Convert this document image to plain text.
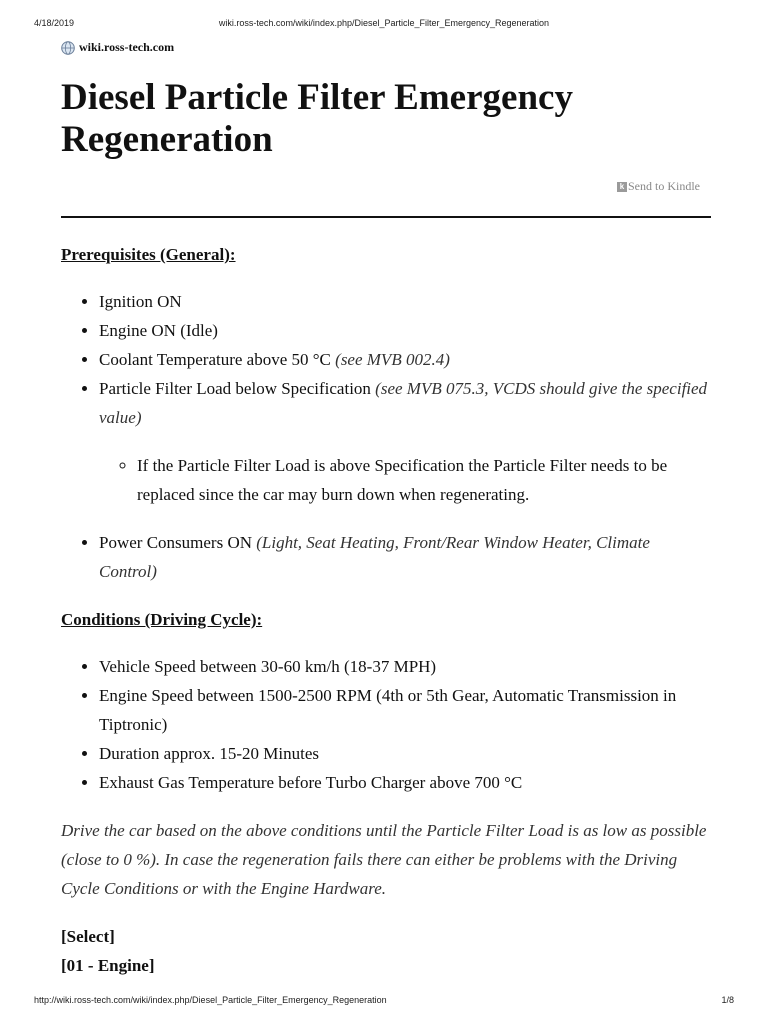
4/18/2019	wiki.ross-tech.com/wiki/index.php/Diesel_Particle_Filter_Emergency_Regeneration
wiki.ross-tech.com
Diesel Particle Filter Emergency Regeneration
k Send to Kindle

Prerequisites (General):

• Ignition ON
• Engine ON (Idle)
• Coolant Temperature above 50 °C (see MVB 002.4)
• Particle Filter Load below Specification (see MVB 075.3, VCDS should give the specified value)
◦ If the Particle Filter Load is above Specification the Particle Filter needs to be replaced since the car may burn down when regenerating.
• Power Consumers ON (Light, Seat Heating, Front/Rear Window Heater, Climate Control)

Conditions (Driving Cycle):

• Vehicle Speed between 30-60 km/h (18-37 MPH)
• Engine Speed between 1500-2500 RPM (4th or 5th Gear, Automatic Transmission in Tiptronic)
• Duration approx. 15-20 Minutes
• Exhaust Gas Temperature before Turbo Charger above 700 °C

Drive the car based on the above conditions until the Particle Filter Load is as low as possible (close to 0 %). In case the regeneration fails there can either be problems with the Driving Cycle Conditions or with the Engine Hardware.

[Select]

[01 - Engine]

http://wiki.ross-tech.com/wiki/index.php/Diesel_Particle_Filter_Emergency_Regeneration	1/8
